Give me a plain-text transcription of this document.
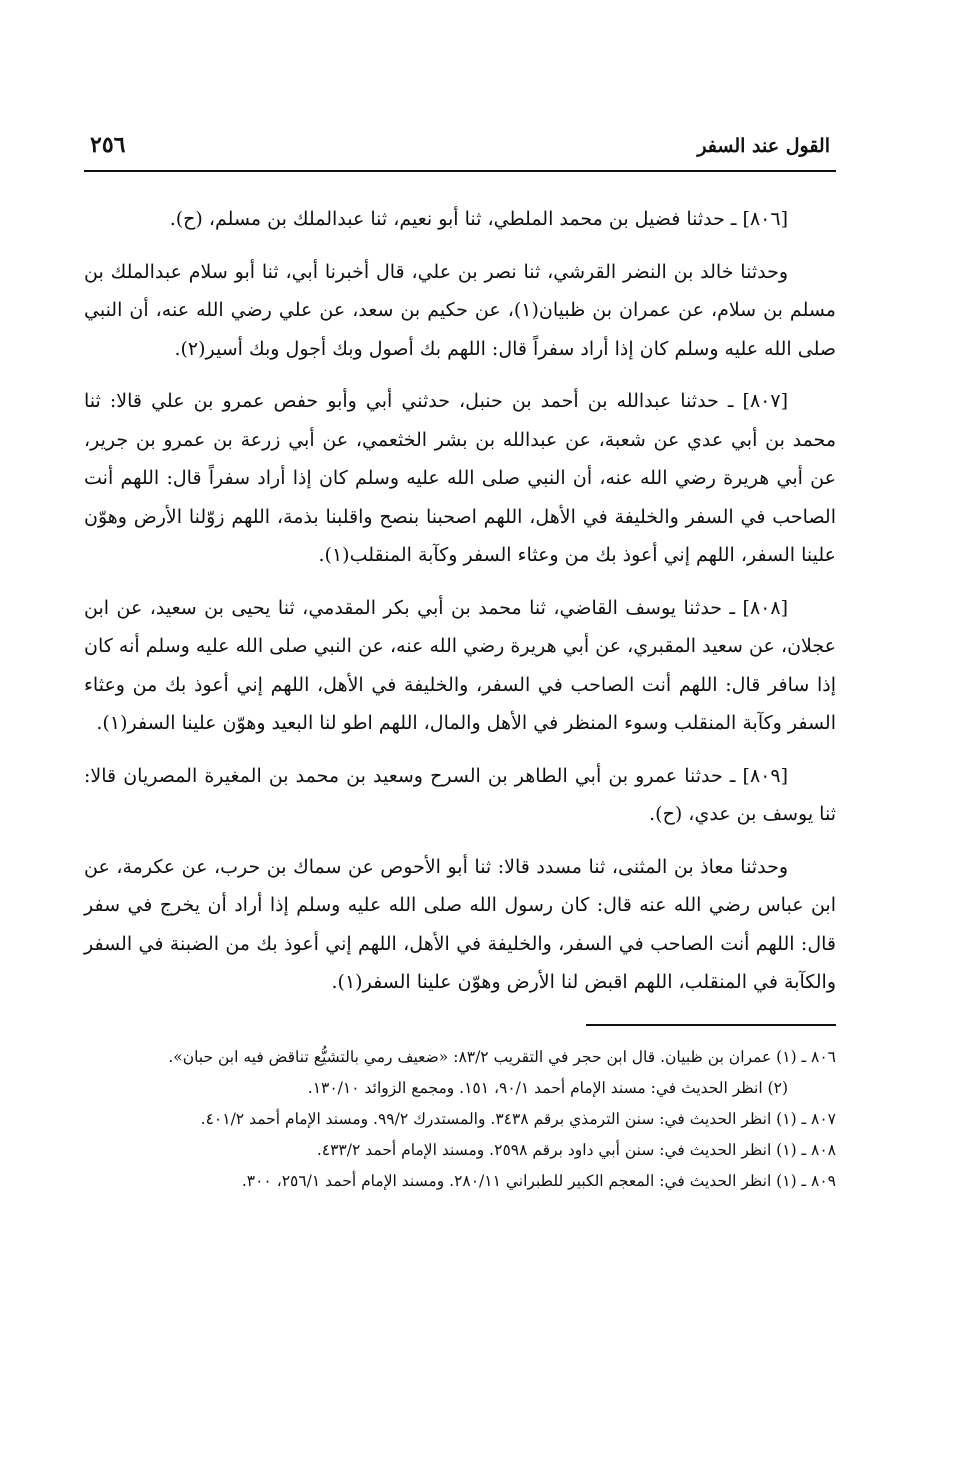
القول عند السفر
٢٥٦

[٨٠٦] ـ حدثنا فضيل بن محمد الملطي، ثنا أبو نعيم، ثنا عبدالملك بن مسلم، (ح).

وحدثنا خالد بن النضر القرشي، ثنا نصر بن علي، قال أخبرنا أبي، ثنا أبو سلام عبدالملك بن مسلم بن سلام، عن عمران بن ظبيان(١)، عن حكيم بن سعد، عن علي رضي الله عنه، أن النبي صلى الله عليه وسلم كان إذا أراد سفراً قال: اللهم بك أصول وبك أجول وبك أسير(٢).

[٨٠٧] ـ حدثنا عبدالله بن أحمد بن حنبل، حدثني أبي وأبو حفص عمرو بن علي قالا: ثنا محمد بن أبي عدي عن شعبة، عن عبدالله بن بشر الخثعمي، عن أبي زرعة بن عمرو بن جرير، عن أبي هريرة رضي الله عنه، أن النبي صلى الله عليه وسلم كان إذا أراد سفراً قال: اللهم أنت الصاحب في السفر والخليفة في الأهل، اللهم اصحبنا بنصح واقلبنا بذمة، اللهم زوّلنا الأرض وهوّن علينا السفر، اللهم إني أعوذ بك من وعثاء السفر وكآبة المنقلب(١).

[٨٠٨] ـ حدثنا يوسف القاضي، ثنا محمد بن أبي بكر المقدمي، ثنا يحيى بن سعيد، عن ابن عجلان، عن سعيد المقبري، عن أبي هريرة رضي الله عنه، عن النبي صلى الله عليه وسلم أنه كان إذا سافر قال: اللهم أنت الصاحب في السفر، والخليفة في الأهل، اللهم إني أعوذ بك من وعثاء السفر وكآبة المنقلب وسوء المنظر في الأهل والمال، اللهم اطو لنا البعيد وهوّن علينا السفر(١).

[٨٠٩] ـ حدثنا عمرو بن أبي الطاهر بن السرح وسعيد بن محمد بن المغيرة المصريان قالا: ثنا يوسف بن عدي، (ح).

وحدثنا معاذ بن المثنى، ثنا مسدد قالا: ثنا أبو الأحوص عن سماك بن حرب، عن عكرمة، عن ابن عباس رضي الله عنه قال: كان رسول الله صلى الله عليه وسلم إذا أراد أن يخرج في سفر قال: اللهم أنت الصاحب في السفر، والخليفة في الأهل، اللهم إني أعوذ بك من الضبنة في السفر والكآبة في المنقلب، اللهم اقبض لنا الأرض وهوّن علينا السفر(١).

٨٠٦ ـ (١) عمران بن ظبيان. قال ابن حجر في التقريب ٨٣/٢: «ضعيف رمي بالتشيُّع تناقض فيه ابن حبان».

(٢) انظر الحديث في: مسند الإمام أحمد ٩٠/١، ١٥١. ومجمع الزوائد ١٣٠/١٠.

٨٠٧ ـ (١) انظر الحديث في: سنن الترمذي برقم ٣٤٣٨. والمستدرك ٩٩/٢. ومسند الإمام أحمد ٤٠١/٢.

٨٠٨ ـ (١) انظر الحديث في: سنن أبي داود برقم ٢٥٩٨. ومسند الإمام أحمد ٤٣٣/٢.

٨٠٩ ـ (١) انظر الحديث في: المعجم الكبير للطبراني ٢٨٠/١١. ومسند الإمام أحمد ٢٥٦/١، ٣٠٠.
